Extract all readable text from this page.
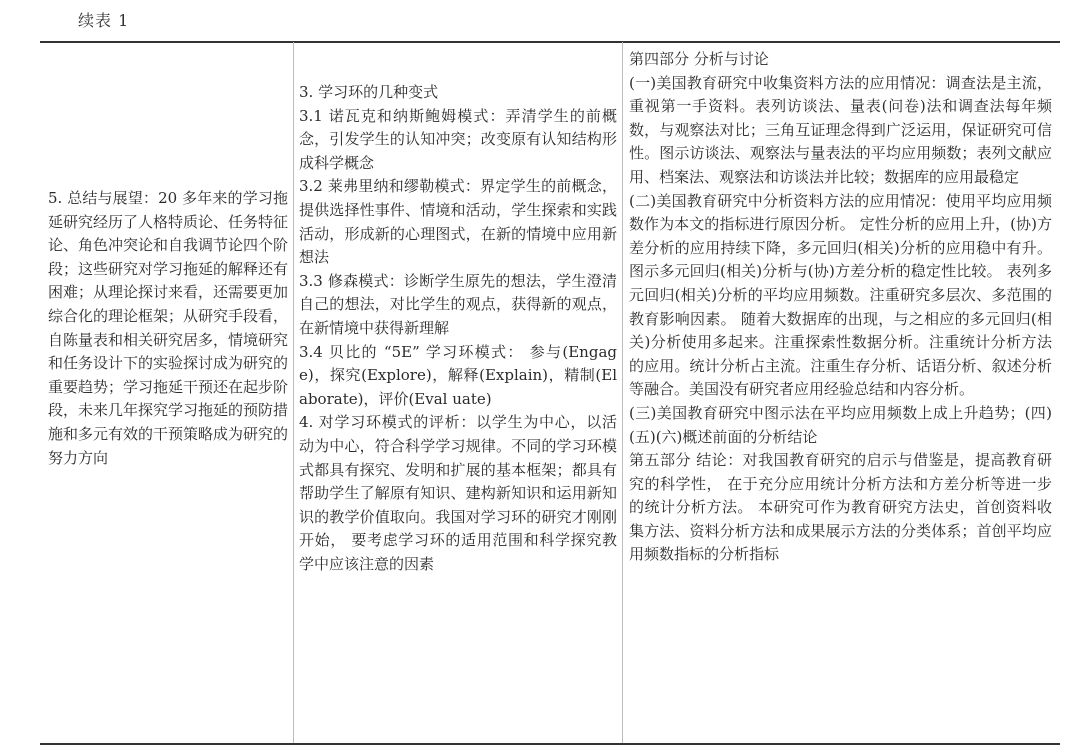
续表 1

5. 总结与展望：20 多年来的学习拖延研究经历了人格特质论、任务特征论、角色冲突论和自我调节论四个阶段；这些研究对学习拖延的解释还有困难；从理论探讨来看，还需要更加综合化的理论框架；从研究手段看，自陈量表和相关研究居多，情境研究和任务设计下的实验探讨成为研究的重要趋势；学习拖延干预还在起步阶段，未来几年探究学习拖延的预防措施和多元有效的干预策略成为研究的努力方向

3. 学习环的几种变式

3.1 诺瓦克和纳斯鲍姆模式：弄清学生的前概念，引发学生的认知冲突；改变原有认知结构形成科学概念

3.2 莱弗里纳和缪勒模式：界定学生的前概念，提供选择性事件、情境和活动，学生探索和实践活动，形成新的心理图式，在新的情境中应用新想法

3.3 修森模式：诊断学生原先的想法，学生澄清自己的想法，对比学生的观点，获得新的观点，在新情境中获得新理解

3.4 贝比的 “5E” 学习环模式： 参与(Engage)，探究(Explore)，解释(Explain)，精制(Elaborate)，评价(Eval uate)

4. 对学习环模式的评析：以学生为中心，以活动为中心，符合科学学习规律。不同的学习环模式都具有探究、发明和扩展的基本框架；都具有帮助学生了解原有知识、建构新知识和运用新知识的教学价值取向。我国对学习环的研究才刚刚开始， 要考虑学习环的适用范围和科学探究教学中应该注意的因素

第四部分 分析与讨论

(一)美国教育研究中收集资料方法的应用情况：调查法是主流，重视第一手资料。表列访谈法、量表(问卷)法和调查法每年频数，与观察法对比；三角互证理念得到广泛运用，保证研究可信性。图示访谈法、观察法与量表法的平均应用频数；表列文献应用、档案法、观察法和访谈法并比较；数据库的应用最稳定

(二)美国教育研究中分析资料方法的应用情况：使用平均应用频数作为本文的指标进行原因分析。 定性分析的应用上升，(协)方差分析的应用持续下降，多元回归(相关)分析的应用稳中有升。 图示多元回归(相关)分析与(协)方差分析的稳定性比较。 表列多元回归(相关)分析的平均应用频数。注重研究多层次、多范围的教育影响因素。 随着大数据库的出现，与之相应的多元回归(相关)分析使用多起来。注重探索性数据分析。注重统计分析方法的应用。统计分析占主流。注重生存分析、话语分析、叙述分析等融合。美国没有研究者应用经验总结和内容分析。

(三)美国教育研究中图示法在平均应用频数上成上升趋势；(四)(五)(六)概述前面的分析结论

第五部分 结论：对我国教育研究的启示与借鉴是，提高教育研究的科学性， 在于充分应用统计分析方法和方差分析等进一步的统计分析方法。 本研究可作为教育研究方法史，首创资料收集方法、资料分析方法和成果展示方法的分类体系；首创平均应用频数指标的分析指标
